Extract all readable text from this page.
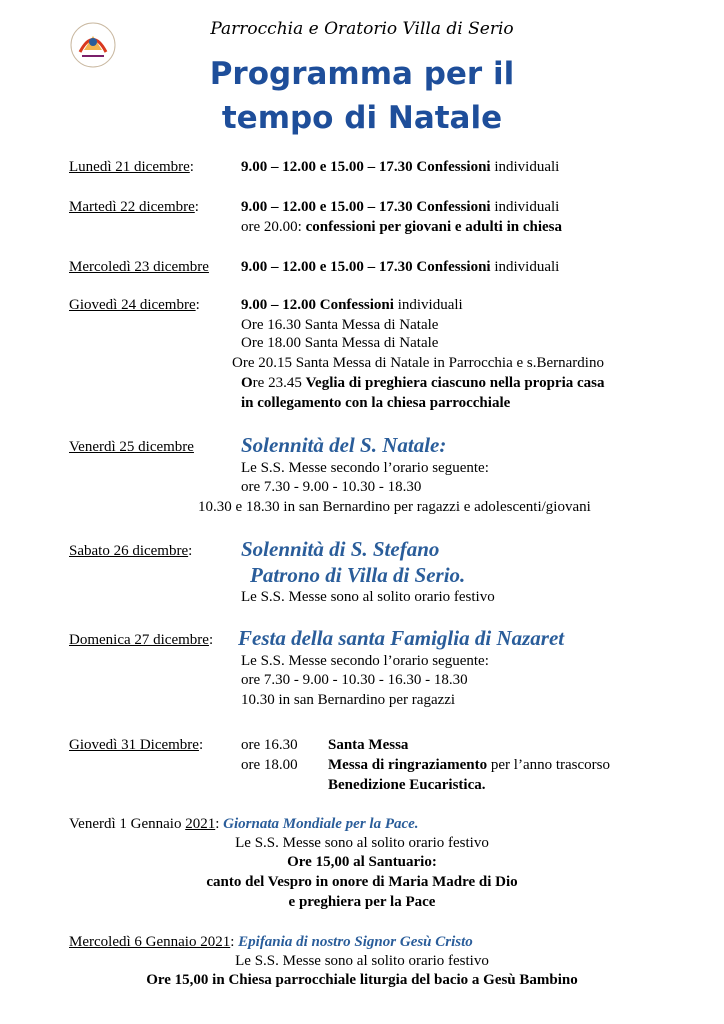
Parrocchia e Oratorio Villa di Serio
Programma per il
tempo di Natale
Lunedì 21 dicembre:	9.00 – 12.00 e 15.00 – 17.30 Confessioni individuali
Martedì 22 dicembre:	9.00 – 12.00 e 15.00 – 17.30 Confessioni individuali
ore 20.00: confessioni per giovani e adulti in chiesa
Mercoledì 23 dicembre 9.00 – 12.00 e 15.00 – 17.30 Confessioni individuali
Giovedì 24 dicembre:	9.00 – 12.00 Confessioni individuali
Ore 16.30 Santa Messa di Natale
Ore 18.00 Santa Messa di Natale
Ore 20.15 Santa Messa di Natale in Parrocchia e s.Bernardino
Ore 23.45 Veglia di preghiera ciascuno nella propria casa
in collegamento con la chiesa parrocchiale
Venerdì 25 dicembre Solennità del S. Natale:
Le S.S. Messe secondo l’orario seguente:
ore 7.30 - 9.00 - 10.30 - 18.30
10.30 e 18.30 in san Bernardino per ragazzi e adolescenti/giovani
Sabato 26 dicembre: Solennità di S. Stefano
Patrono di Villa di Serio.
Le S.S. Messe sono al solito orario festivo
Domenica 27 dicembre: Festa della santa Famiglia di Nazaret
Le S.S. Messe secondo l’orario seguente:
ore 7.30 - 9.00 - 10.30 - 16.30 - 18.30
10.30 in san Bernardino per ragazzi
Giovedì 31 Dicembre:	ore 16.30 Santa Messa
ore 18.00 Messa di ringraziamento per l’anno trascorso
Benedizione Eucaristica.
Venerdì 1 Gennaio 2021: Giornata Mondiale per la Pace.
Le S.S. Messe sono al solito orario festivo
Ore 15,00 al Santuario:
canto del Vespro in onore di Maria Madre di Dio
e preghiera per la Pace
Mercoledì 6 Gennaio 2021: Epifania di nostro Signor Gesù Cristo
Le S.S. Messe sono al solito orario festivo
Ore 15,00 in Chiesa parrocchiale liturgia del bacio a Gesù Bambino
